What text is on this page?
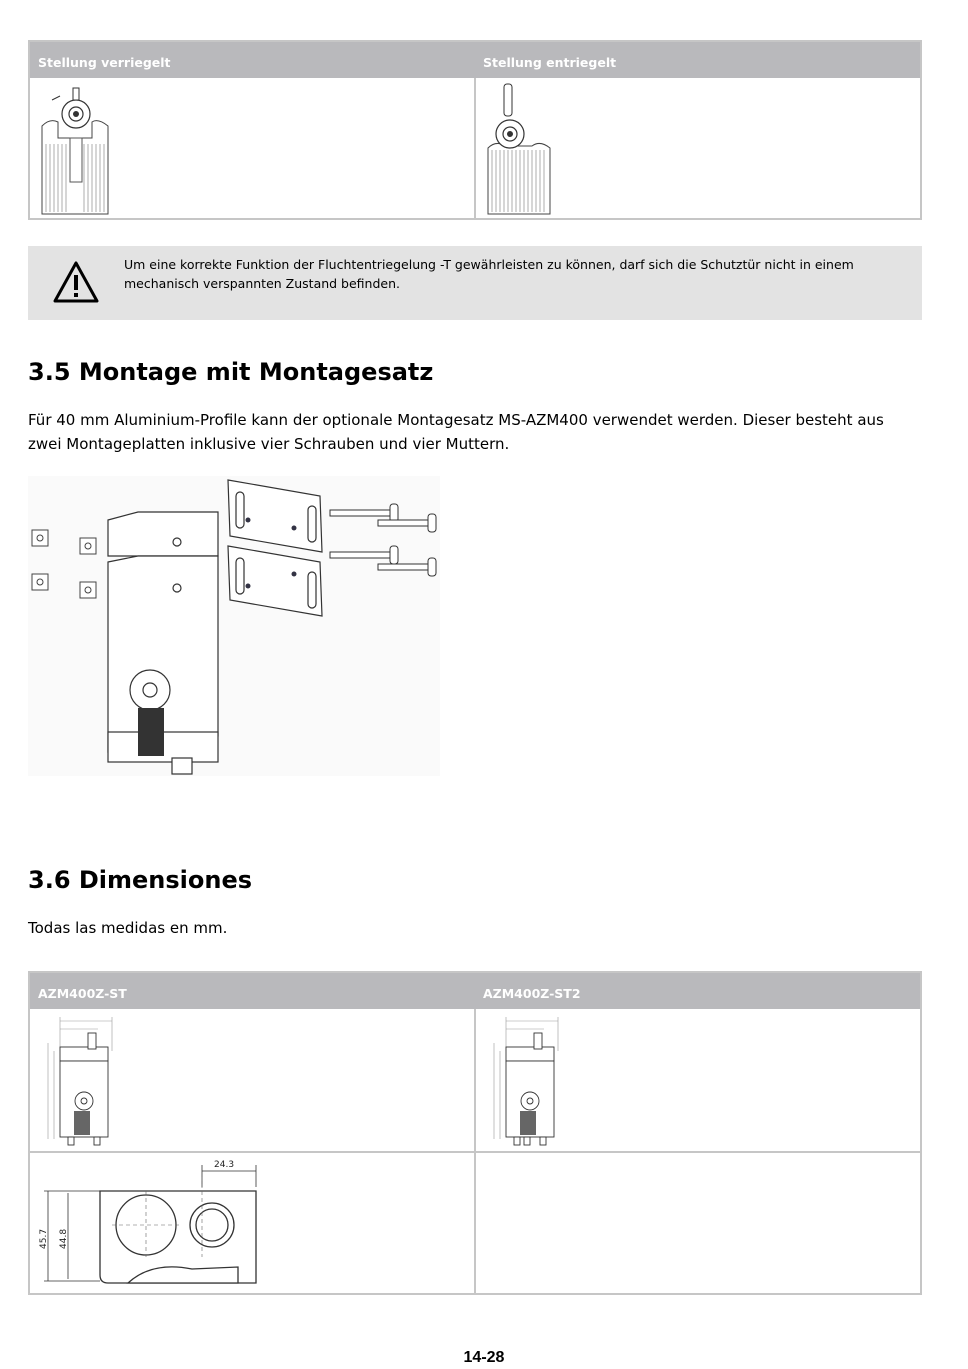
Stellung verriegelt	Stellung entriegelt
Um eine korrekte Funktion der Fluchtentriegelung -T gewährleisten zu können, darf sich die Schutztür nicht in einem mechanisch verspannten Zustand befinden.
3.5 Montage mit Montagesatz

Für 40 mm Aluminium-Profile kann der optionale Montagesatz MS-AZM400 verwendet werden. Dieser besteht aus zwei Montageplatten inklusive vier Schrauben und vier Muttern.

3.6 Dimensiones

Todas las medidas en mm.

AZM400Z-ST	AZM400Z-ST2
24.3
45.7 44.8
14-28
